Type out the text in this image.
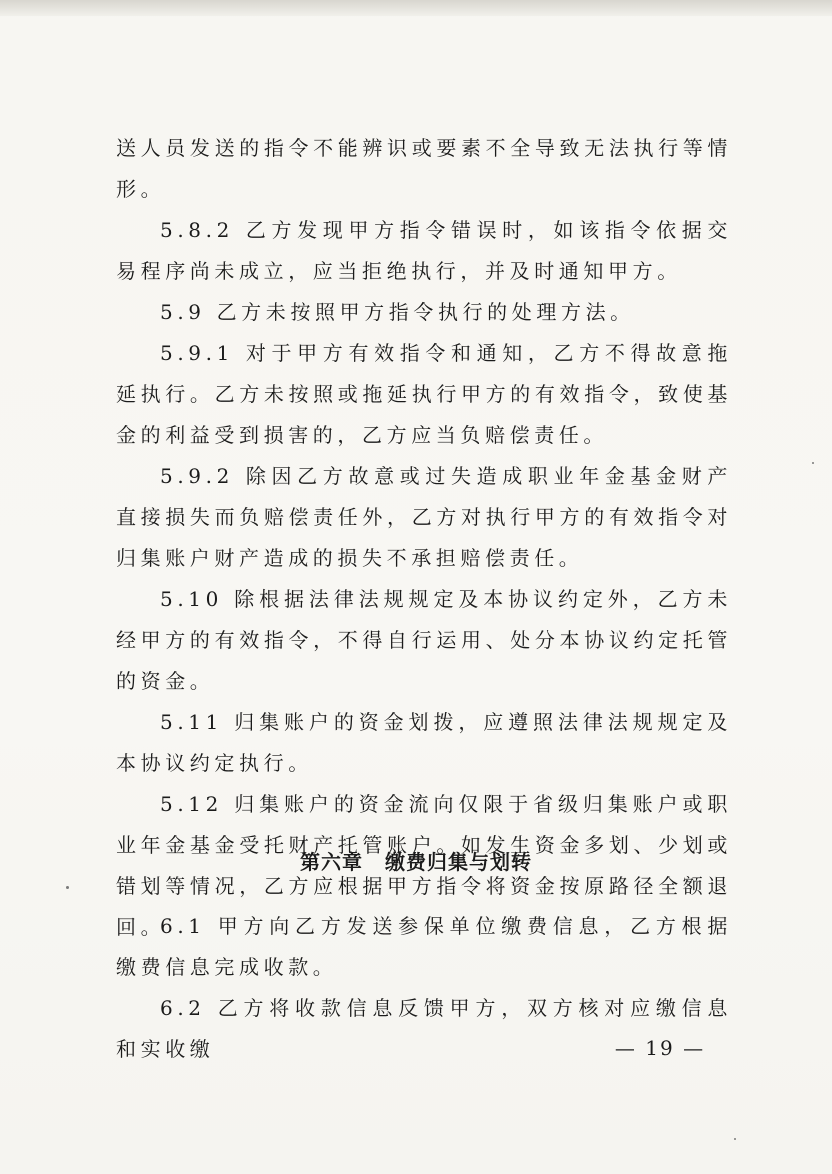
送人员发送的指令不能辨识或要素不全导致无法执行等情形。

5.8.2 乙方发现甲方指令错误时，如该指令依据交易程序尚未成立，应当拒绝执行，并及时通知甲方。

5.9 乙方未按照甲方指令执行的处理方法。

5.9.1 对于甲方有效指令和通知，乙方不得故意拖延执行。乙方未按照或拖延执行甲方的有效指令，致使基金的利益受到损害的，乙方应当负赔偿责任。

5.9.2 除因乙方故意或过失造成职业年金基金财产直接损失而负赔偿责任外，乙方对执行甲方的有效指令对归集账户财产造成的损失不承担赔偿责任。

5.10 除根据法律法规规定及本协议约定外，乙方未经甲方的有效指令，不得自行运用、处分本协议约定托管的资金。

5.11 归集账户的资金划拨，应遵照法律法规规定及本协议约定执行。

5.12 归集账户的资金流向仅限于省级归集账户或职业年金基金受托财产托管账户。如发生资金多划、少划或错划等情况，乙方应根据甲方指令将资金按原路径全额退回。

第六章 缴费归集与划转

6.1 甲方向乙方发送参保单位缴费信息，乙方根据缴费信息完成收款。

6.2 乙方将收款信息反馈甲方，双方核对应缴信息和实收缴	— 19 —
